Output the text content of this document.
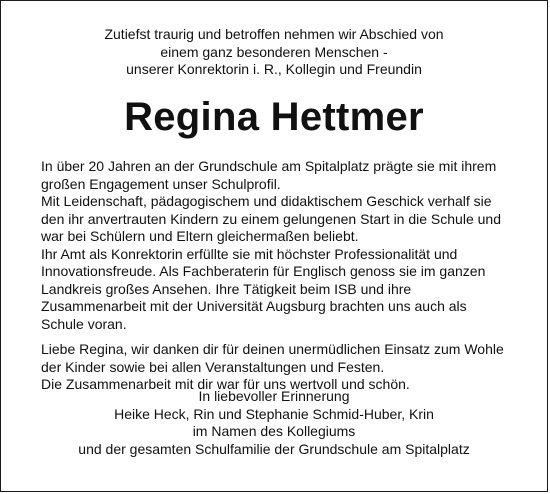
Zutiefst traurig und betroffen nehmen wir Abschied von
einem ganz besonderen Menschen -
unserer Konrektorin i. R., Kollegin und Freundin
Regina Hettmer

In über 20 Jahren an der Grundschule am Spitalplatz prägte sie mit ihrem
großen Engagement unser Schulprofil.
Mit Leidenschaft, pädagogischem und didaktischem Geschick verhalf sie
den ihr anvertrauten Kindern zu einem gelungenen Start in die Schule und
war bei Schülern und Eltern gleichermaßen beliebt.
Ihr Amt als Konrektorin erfüllte sie mit höchster Professionalität und
Innovationsfreude. Als Fachberaterin für Englisch genoss sie im ganzen
Landkreis großes Ansehen. Ihre Tätigkeit beim ISB und ihre
Zusammenarbeit mit der Universität Augsburg brachten uns auch als
Schule voran.

Liebe Regina, wir danken dir für deinen unermüdlichen Einsatz zum Wohle
der Kinder sowie bei allen Veranstaltungen und Festen.
Die Zusammenarbeit mit dir war für uns wertvoll und schön.

In liebevoller Erinnerung
Heike Heck, Rin und Stephanie Schmid-Huber, Krin
im Namen des Kollegiums
und der gesamten Schulfamilie der Grundschule am Spitalplatz
